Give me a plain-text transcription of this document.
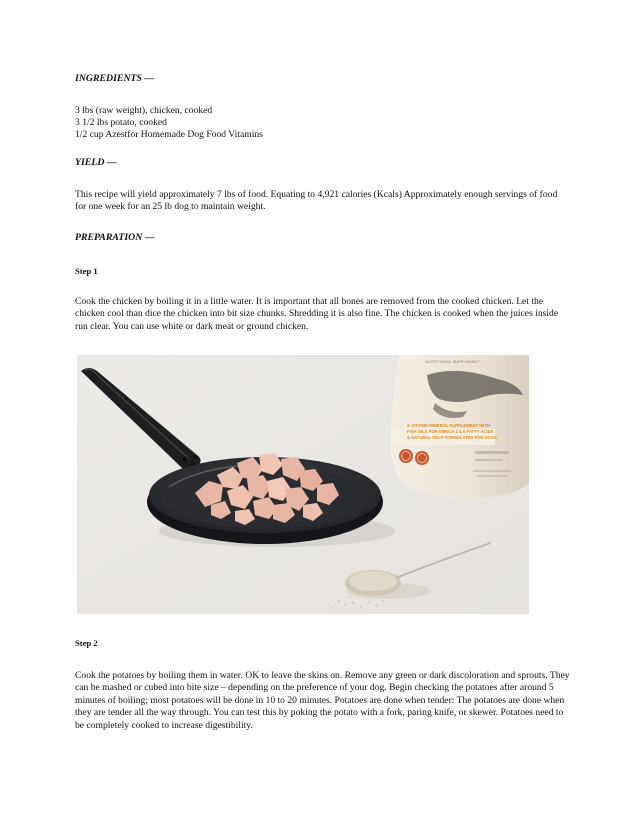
INGREDIENTS —

3 lbs (raw weight), chicken, cooked

3 1/2 lbs potato, cooked

1/2 cup Azestfor Homemade Dog Food Vitamins

YIELD —

This recipe will yield approximately 7 lbs of food. Equating to 4,921 calories (Kcals) Approximately enough servings of food for one week for an 25 lb dog to maintain weight.

PREPARATION —

Step 1

Cook the chicken by boiling it in a little water. It is important that all bones are removed from the cooked chicken. Let the chicken cool than dice the chicken into bit size chunks. Shredding it is also fine. The chicken is cooked when the juices inside run clear. You can use white or dark meat or ground chicken.

NUTRITIONAL SUPPLEMENT
& VITAMIN MINERAL SUPPLEMENT WITH
FISH OILS FOR OMEGA 3 & 6 FATTY ACIDS
& NATURAL KELP FORMULATED FOR DOGS

Step 2

Cook the potatoes by boiling them in water. OK to leave the skins on. Remove any green or dark discoloration and sprouts. They can be mashed or cubed into bite size – depending on the preference of your dog. Begin checking the potatoes after around 5 minutes of boiling; most potatoes will be done in 10 to 20 minutes. Potatoes are done when tender: The potatoes are done when they are tender all the way through. You can test this by poking the potato with a fork, paring knife, or skewer. Potatoes need to be completely cooked to increase digestibility.
